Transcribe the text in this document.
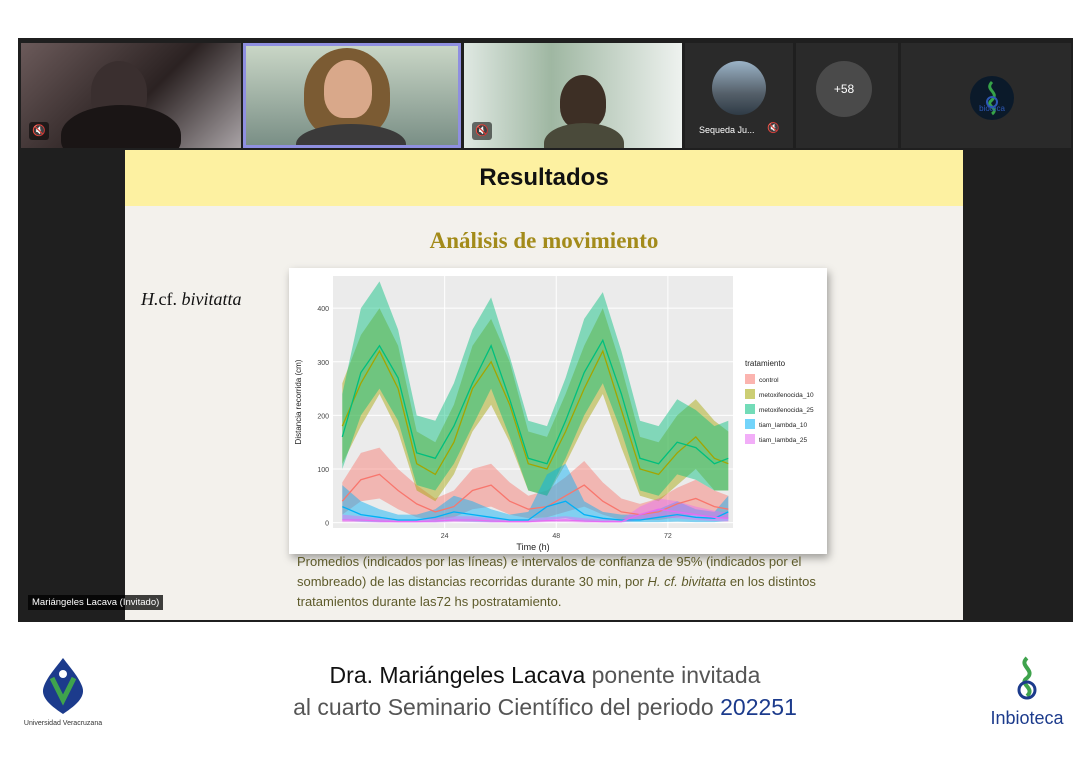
🔇	🔇	Sequeda Ju... 🔇
+58
bioteca
Resultados
Análisis de movimiento
H.cf. bivitatta
0
100
200
300
400
24	48	72
Time (h)
Distancia recorrida (cm)	tratamiento
control
metoxifenocida_10
metoxifenocida_25
tiam_lambda_10
tiam_lambda_25
Promedios (indicados por las líneas) e intervalos de confianza de 95% (indicados por el sombreado) de las distancias recorridas durante 30 min, por H. cf. bivitatta en los distintos tratamientos durante las72 hs postratamiento.
Mariángeles Lacava (Invitado)
Universidad Veracruzana
Dra. Mariángeles Lacava ponente invitada
al cuarto Seminario Científico del periodo 202251	Inbioteca
